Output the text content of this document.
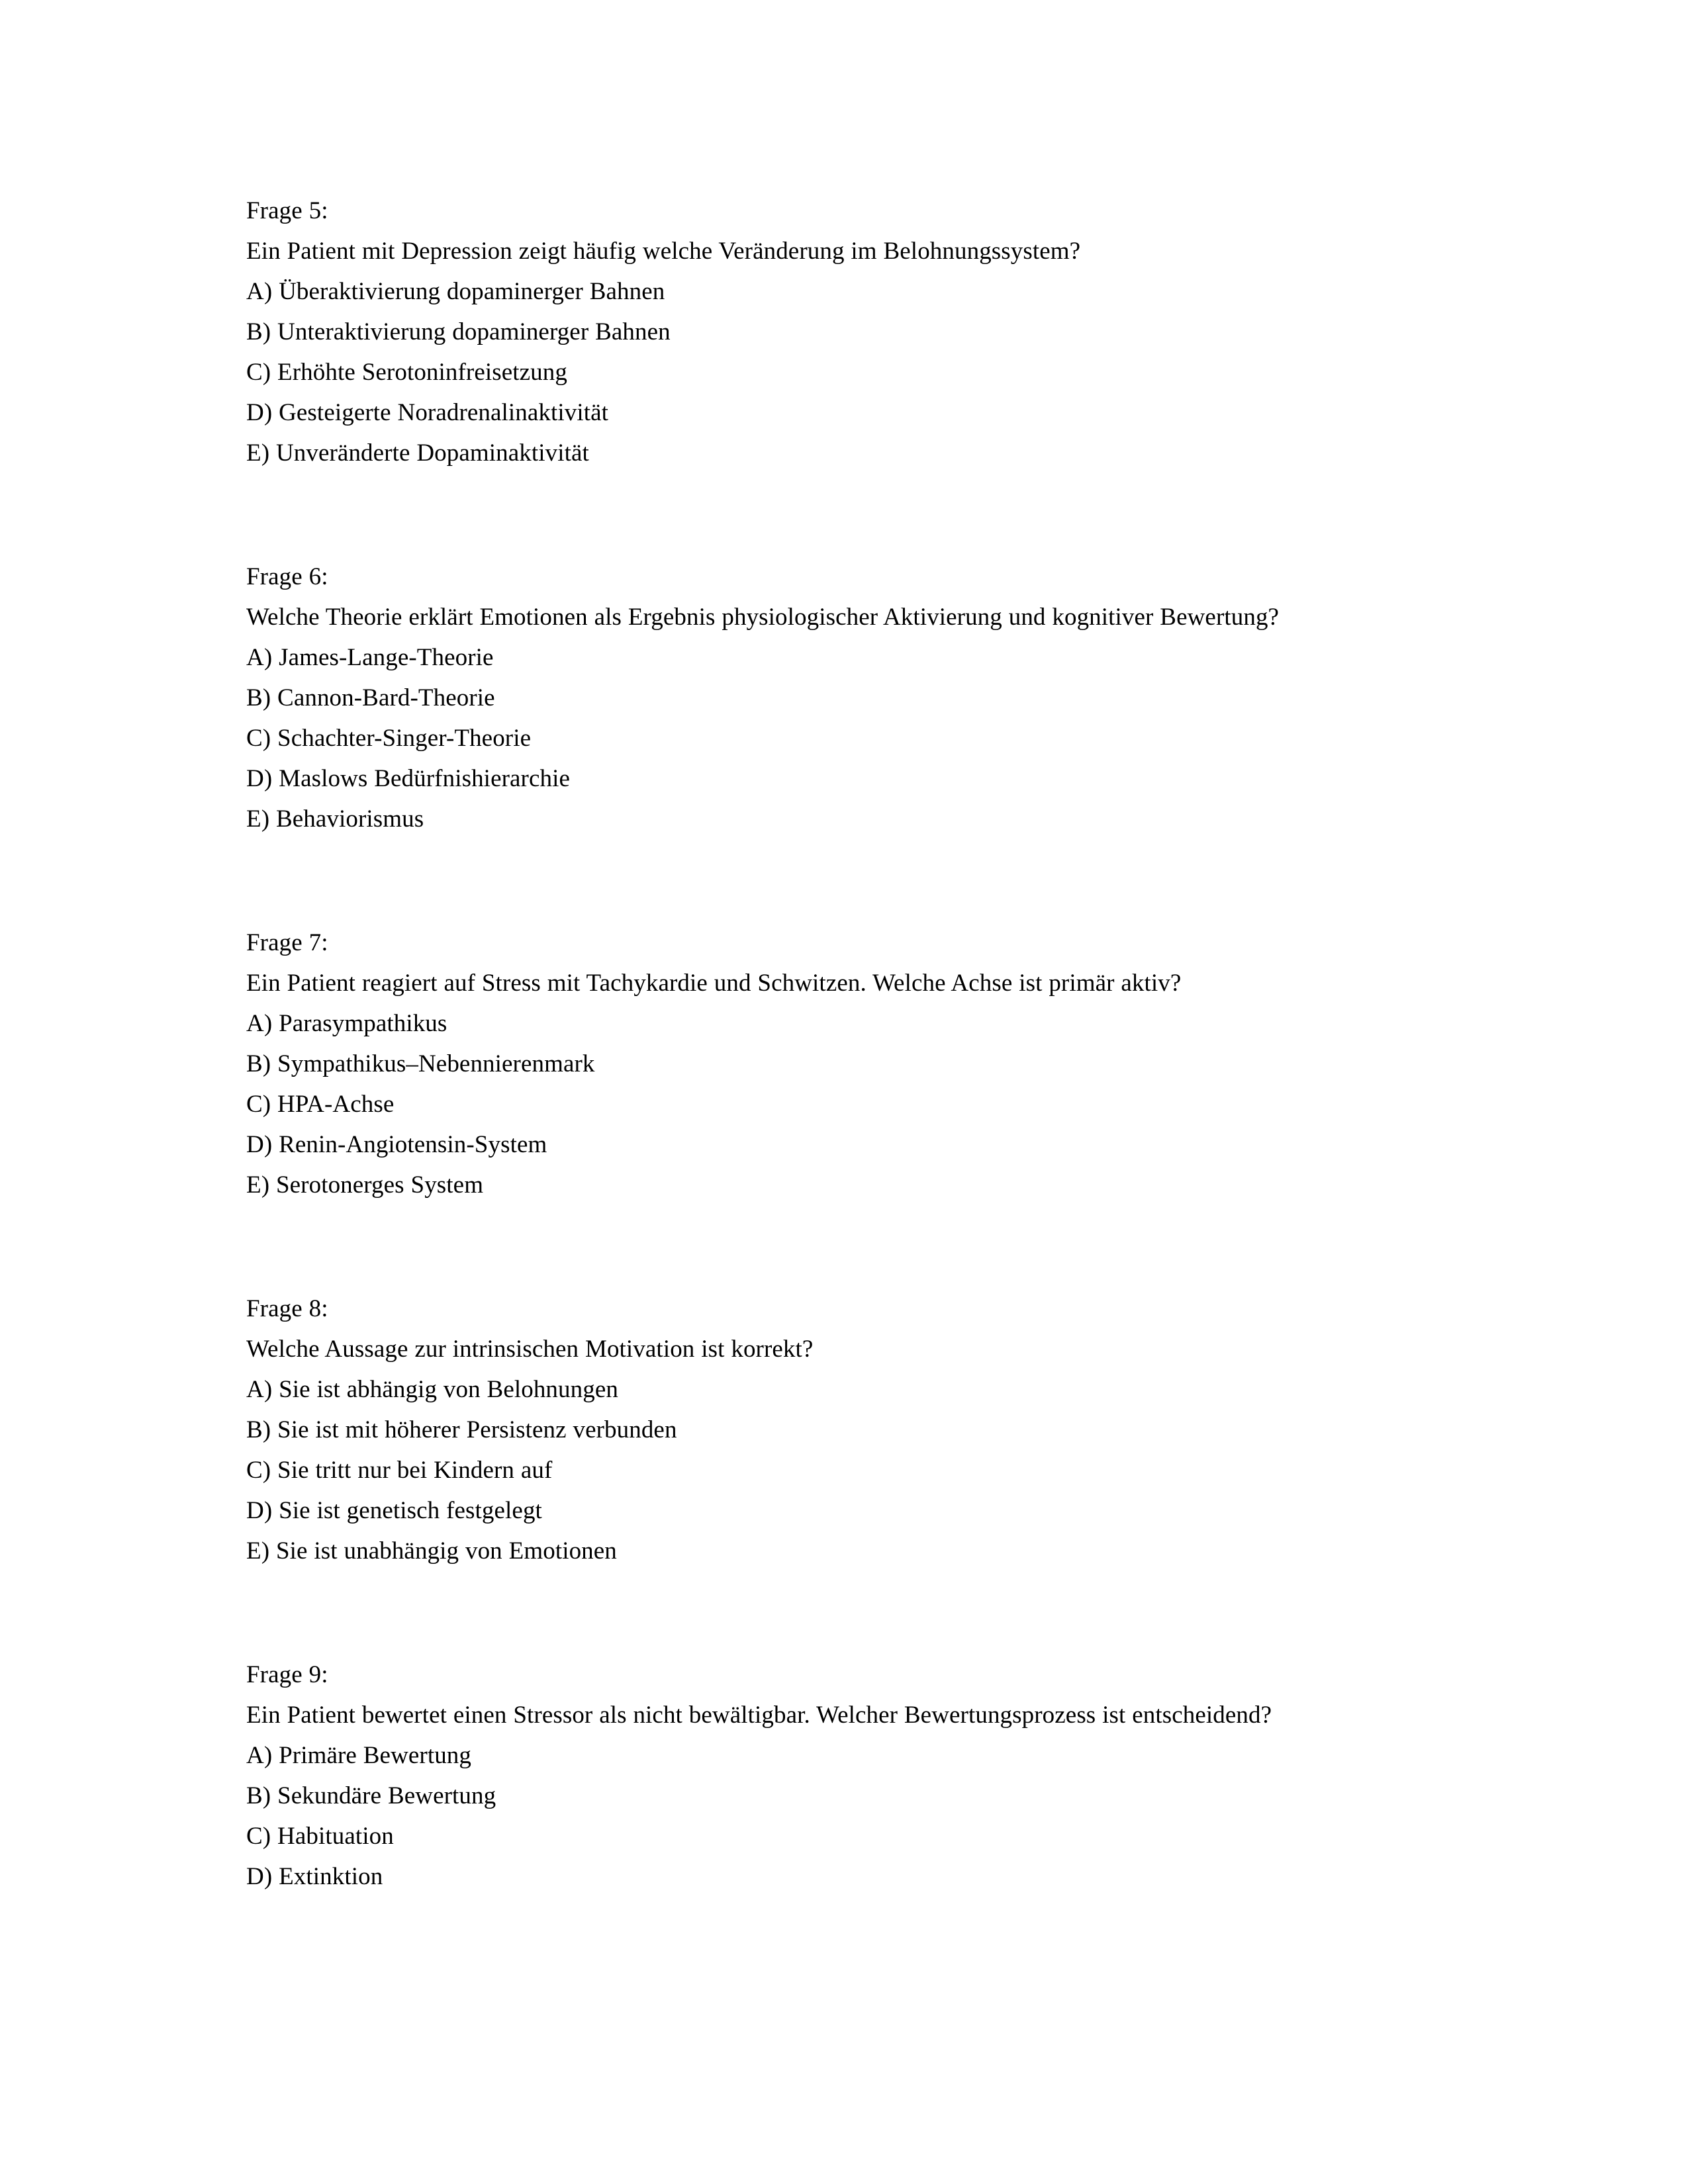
Frage 5:
Ein Patient mit Depression zeigt häufig welche Veränderung im Belohnungssystem?
A) Überaktivierung dopaminerger Bahnen
B) Unteraktivierung dopaminerger Bahnen
C) Erhöhte Serotoninfreisetzung
D) Gesteigerte Noradrenalinaktivität
E) Unveränderte Dopaminaktivität
Frage 6:
Welche Theorie erklärt Emotionen als Ergebnis physiologischer Aktivierung und kognitiver Bewertung?
A) James-Lange-Theorie
B) Cannon-Bard-Theorie
C) Schachter-Singer-Theorie
D) Maslows Bedürfnishierarchie
E) Behaviorismus
Frage 7:
Ein Patient reagiert auf Stress mit Tachykardie und Schwitzen. Welche Achse ist primär aktiv?
A) Parasympathikus
B) Sympathikus–Nebennierenmark
C) HPA-Achse
D) Renin-Angiotensin-System
E) Serotonerges System
Frage 8:
Welche Aussage zur intrinsischen Motivation ist korrekt?
A) Sie ist abhängig von Belohnungen
B) Sie ist mit höherer Persistenz verbunden
C) Sie tritt nur bei Kindern auf
D) Sie ist genetisch festgelegt
E) Sie ist unabhängig von Emotionen
Frage 9:
Ein Patient bewertet einen Stressor als nicht bewältigbar. Welcher Bewertungsprozess ist entscheidend?
A) Primäre Bewertung
B) Sekundäre Bewertung
C) Habituation
D) Extinktion
